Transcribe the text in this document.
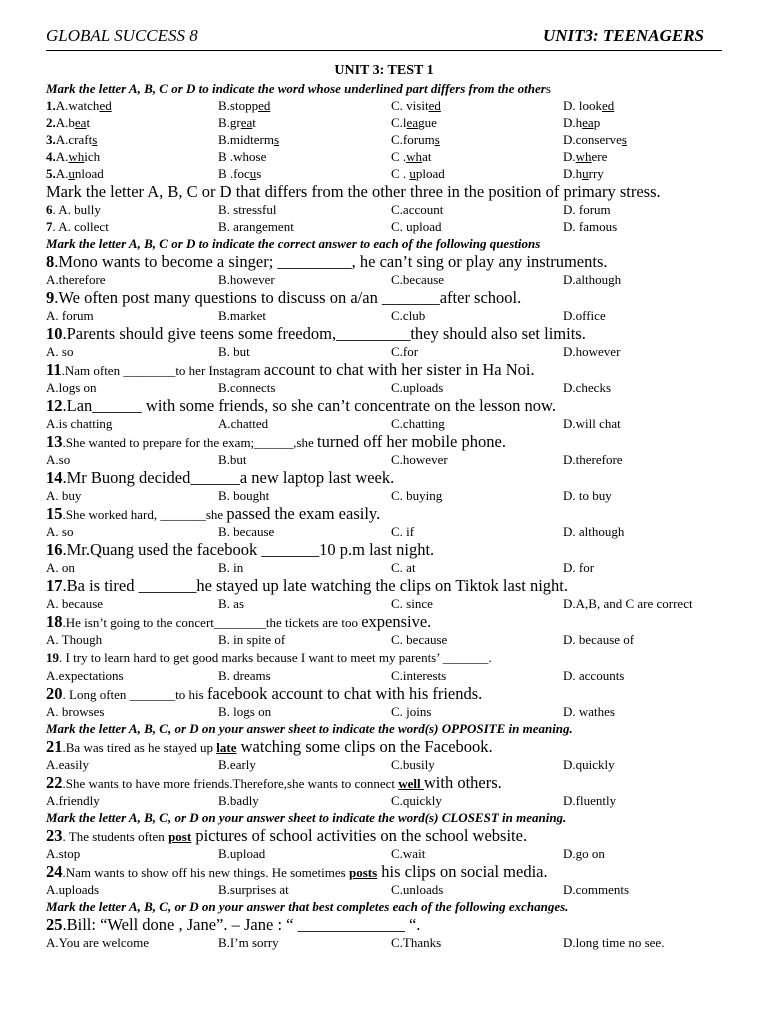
GLOBAL SUCCESS 8	UNIT3: TEENAGERS
UNIT 3: TEST 1
Mark the letter A, B, C or D to indicate the word whose underlined part differs from the others
1.A.watched	B.stopped	C. visited	D. looked
2.A.beat	B.great	C.league	D.heap
3.A.crafts	B.midterms	C.forums	D.conserves
4.A.which	B .whose	C .what	D.where
5.A.unload	B .focus	C . upload	D.hurry
Mark the letter A, B, C or D that differs from the other three in the position of primary stress.
6. A. bully	B. stressful	C.account	D. forum
7. A. collect	B. arangement	C. upload	D. famous
Mark the letter A, B, C or D to indicate the correct answer to each of the following questions
8.Mono wants to become a singer; _________, he can’t sing or play any instruments.
A.therefore	B.however	C.because	D.although
9.We often post many questions to discuss on a/an _______after school.
A. forum	B.market	C.club	D.office
10.Parents should give teens some freedom,_________they should also set limits.
A. so	B. but	C.for	D.however
11.Nam often ________to her Instagram account to chat with her sister in Ha Noi.
A.logs on	B.connects	C.uploads	D.checks
12.Lan______ with some friends, so she can’t concentrate on the lesson now.
A.is chatting	A.chatted	C.chatting	D.will chat
13.She wanted to prepare for the exam;______,she turned off her mobile phone.
A.so	B.but	C.however	D.therefore
14.Mr Buong decided______a new laptop last week.
A. buy	B. bought	C. buying	D. to buy
15.She worked hard, _______she passed the exam easily.
A. so	B. because	C. if	D. although
16.Mr.Quang used the facebook _______10 p.m last night.
A. on	B. in	C. at	D. for
17.Ba is tired _______he stayed up late watching the clips on Tiktok last night.
A. because	B. as	C. since	D.A,B, and C are correct
18.He isn’t going to the concert________the tickets are too expensive.
A. Though	B. in spite of	C. because	D. because of
19. I try to learn hard to get good marks because I want to meet my parents’ _______.
A.expectations	B. dreams	C.interests	D. accounts
20. Long often _______to his facebook account to chat with his friends.
A. browses	B. logs on	C. joins	D. wathes
Mark the letter A, B, C, or D on your answer sheet to indicate the word(s) OPPOSITE in meaning.
21.Ba was tired as he stayed up late watching some clips on the Facebook.
A.easily	B.early	C.busily	D.quickly
22.She wants to have more friends.Therefore,she wants to connect well with others.
A.friendly	B.badly	C.quickly	D.fluently
Mark the letter A, B, C, or D on your answer sheet to indicate the word(s) CLOSEST in meaning.
23. The students often post pictures of school activities on the school website.
A.stop	B.upload	C.wait	D.go on
24.Nam wants to show off his new things. He sometimes posts his clips on social media.
A.uploads	B.surprises at	C.unloads	D.comments
Mark the letter A, B, C, or D on your answer that best completes each of the following exchanges.
25.Bill: “Well done , Jane”. – Jane : “ _____________ “.
A.You are welcome	B.I’m sorry	C.Thanks	D.long time no see.
